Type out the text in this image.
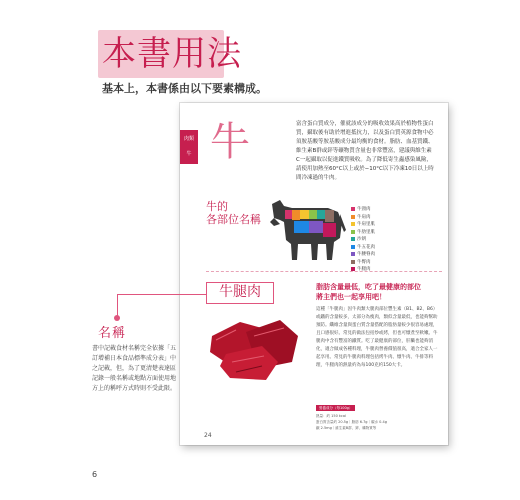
本書用法
基本上，本書係由以下要素構成。
肉類
牛 牛	富含蛋白質成分，催就該成分的吸收效果高於植物性蛋白質，攝取後有助於增進抵抗力，以及蛋白質英源食物中必須胺基酸等胺基酸成分最均衡的食材。脂肪、血基質鐵、維生素B群或鋅等礦物質含量也非常豐富，建議與維生素C一起攝取以促進鐵質吸收。為了降低寄生蟲感染風險，請使用加熱至60°C以上或於−10°C以下冷凍10日以上時間冷凍過的牛肉。

牛的
各部位名稱
牛頸肉
牛肩肉
牛肩里肌
牛肋里肌
沙朗
牛五花肉
牛腰脊肉
牛臀肉
牛腿肉
牛腿肉	脂肪含量最低，吃了最健康的部位
將主們也一起享用吧！

這種「牛腿肉」因牛肉類大腿肉部位豐生素（B1、B2、B6）或鐵的含量較多，太部分為瘦肉，類似含量最低，也能夠幫助預防。纖維含量與蛋白質含量搭配的脂肪量較少很容易處理，且口感很好。常見的做法包括炒或烤，但也可燉煮至軟嫩。牛腿肉中含有豐富的鐵質。吃了最健康的部位，肝臟也能夠消化，適合做成各種料理，牛腿肉營養價值很高，適合全家人一起享用。常見的牛腿肉料理包括烤牛肉、燉牛肉、牛排等料理，牛腿肉的熱量約為每100克約150大卡。

營養成分（每100g）
熱量：約 150 kcal
蛋白質含量約 20.5g｜脂肪 6.7g｜碳水 0.4g
鐵 2.5mg｜維生素B群、鋅、礦物質等
24
名稱

書中記載食材名稱完全依據「五訂增補日本食品標準成分表」中之記載，但，為了更清楚表達區記錄一般名稱或地點方面使用地方上的稱呼方式時則不受此限。

6
